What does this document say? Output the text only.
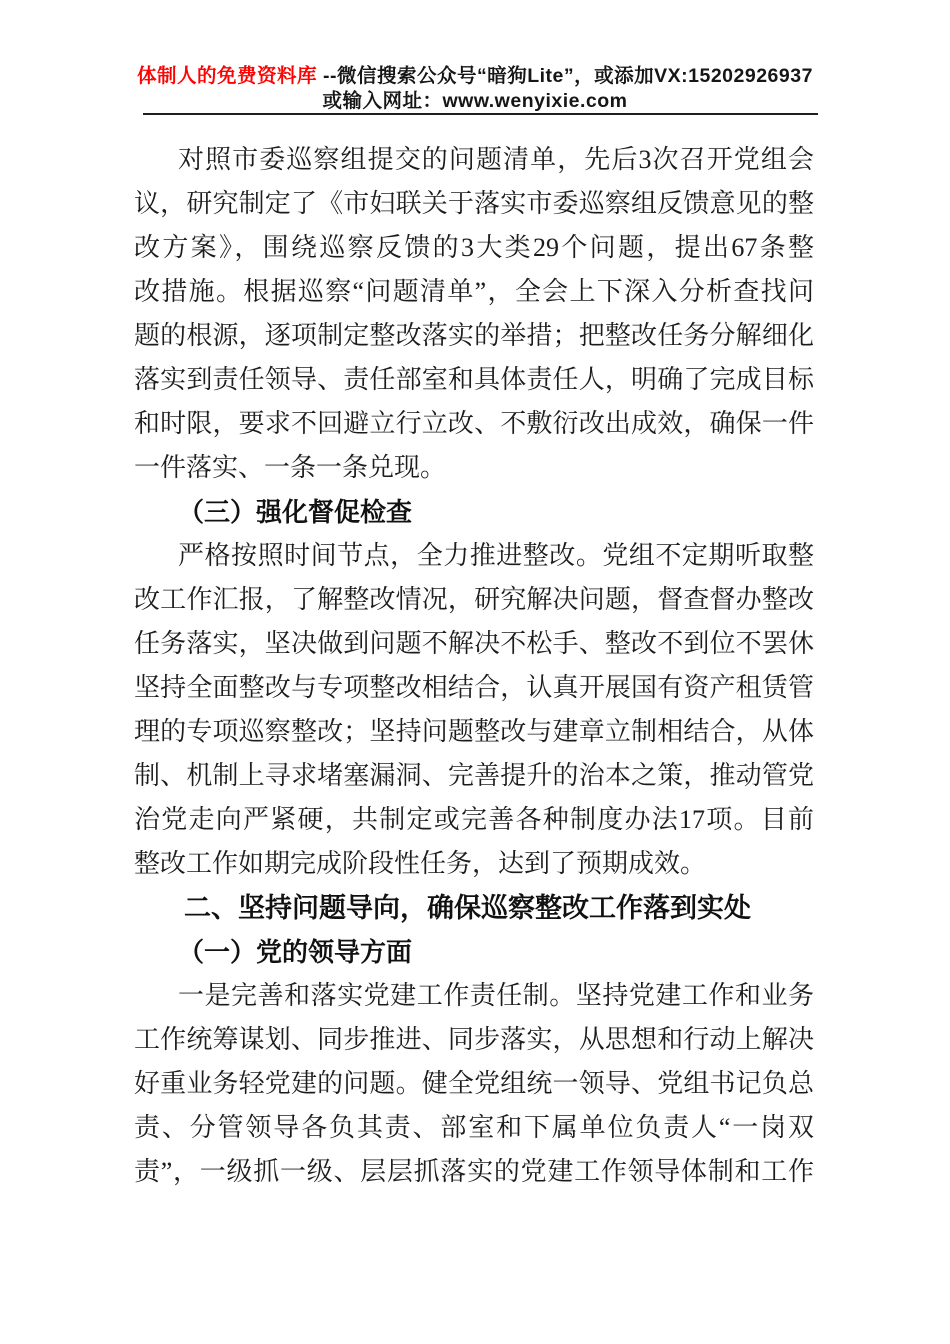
体制人的免费资料库 --微信搜索公众号“暗狗Lite”，或添加VX:15202926937
或输入网址：www.wenyixie.com
对照市委巡察组提交的问题清单，先后3次召开党组会
议，研究制定了《市妇联关于落实市委巡察组反馈意见的整
改方案》，围绕巡察反馈的3大类29个问题，提出67条整
改措施。根据巡察“问题清单”，全会上下深入分析查找问
题的根源，逐项制定整改落实的举措；把整改任务分解细化
落实到责任领导、责任部室和具体责任人，明确了完成目标
和时限，要求不回避立行立改、不敷衍改出成效，确保一件
一件落实、一条一条兑现。
（三）强化督促检查
严格按照时间节点，全力推进整改。党组不定期听取整
改工作汇报，了解整改情况，研究解决问题，督查督办整改
任务落实，坚决做到问题不解决不松手、整改不到位不罢休
坚持全面整改与专项整改相结合，认真开展国有资产租赁管
理的专项巡察整改；坚持问题整改与建章立制相结合，从体
制、机制上寻求堵塞漏洞、完善提升的治本之策，推动管党
治党走向严紧硬，共制定或完善各种制度办法17项。目前
整改工作如期完成阶段性任务，达到了预期成效。
二、坚持问题导向，确保巡察整改工作落到实处
（一）党的领导方面
一是完善和落实党建工作责任制。坚持党建工作和业务
工作统筹谋划、同步推进、同步落实，从思想和行动上解决
好重业务轻党建的问题。健全党组统一领导、党组书记负总
责、分管领导各负其责、部室和下属单位负责人“一岗双
责”，一级抓一级、层层抓落实的党建工作领导体制和工作
